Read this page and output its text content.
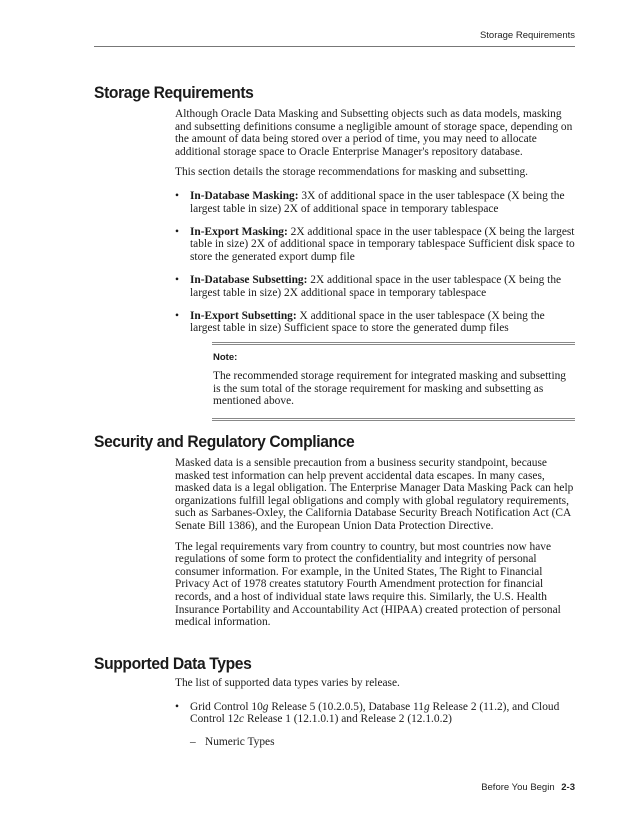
Storage Requirements
Storage Requirements

Although Oracle Data Masking and Subsetting objects such as data models, masking and subsetting definitions consume a negligible amount of storage space, depending on the amount of data being stored over a period of time, you may need to allocate additional storage space to Oracle Enterprise Manager's repository database.

This section details the storage recommendations for masking and subsetting.

• In-Database Masking: 3X of additional space in the user tablespace (X being the largest table in size) 2X of additional space in temporary tablespace
• In-Export Masking: 2X additional space in the user tablespace (X being the largest table in size) 2X of additional space in temporary tablespace Sufficient disk space to store the generated export dump file
• In-Database Subsetting: 2X additional space in the user tablespace (X being the largest table in size) 2X additional space in temporary tablespace
• In-Export Subsetting: X additional space in the user tablespace (X being the largest table in size) Sufficient space to store the generated dump files
Note:
The recommended storage requirement for integrated masking and subsetting is the sum total of the storage requirement for masking and subsetting as mentioned above.
Security and Regulatory Compliance

Masked data is a sensible precaution from a business security standpoint, because masked test information can help prevent accidental data escapes. In many cases, masked data is a legal obligation. The Enterprise Manager Data Masking Pack can help organizations fulfill legal obligations and comply with global regulatory requirements, such as Sarbanes-Oxley, the California Database Security Breach Notification Act (CA Senate Bill 1386), and the European Union Data Protection Directive.

The legal requirements vary from country to country, but most countries now have regulations of some form to protect the confidentiality and integrity of personal consumer information. For example, in the United States, The Right to Financial Privacy Act of 1978 creates statutory Fourth Amendment protection for financial records, and a host of individual state laws require this. Similarly, the U.S. Health Insurance Portability and Accountability Act (HIPAA) created protection of personal medical information.

Supported Data Types

The list of supported data types varies by release.

• Grid Control 10g Release 5 (10.2.0.5), Database 11g Release 2 (11.2), and Cloud Control 12c Release 1 (12.1.0.1) and Release 2 (12.1.0.2)
– Numeric Types
Before You Begin 2-3
